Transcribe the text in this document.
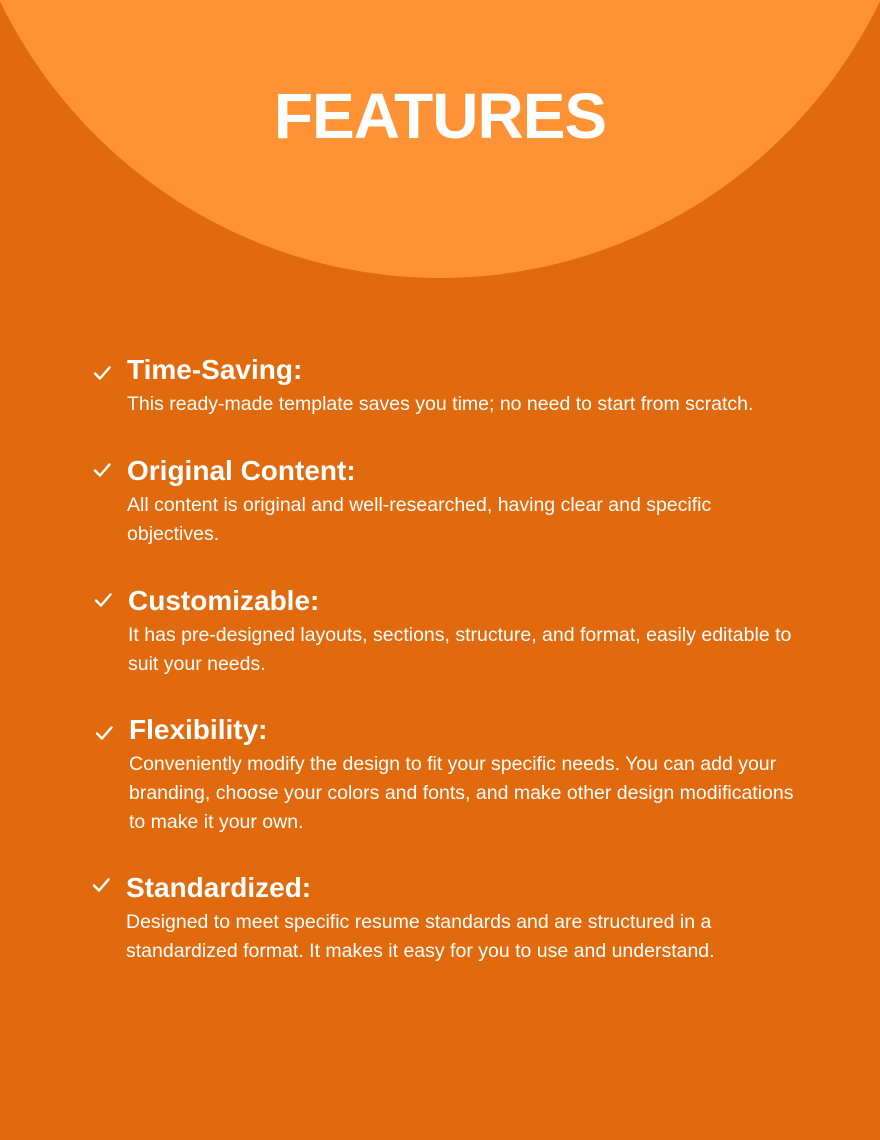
FEATURES
Time-Saving:

This ready-made template saves you time; no need to start from scratch.

Original Content:

All content is original and well-researched, having clear and specific objectives.

Customizable:

It has pre-designed layouts, sections, structure, and format, easily editable to suit your needs.

Flexibility:

Conveniently modify the design to fit your specific needs. You can add your branding, choose your colors and fonts, and make other design modifications to make it your own.

Standardized:

Designed to meet specific resume standards and are structured in a standardized format. It makes it easy for you to use and understand.
